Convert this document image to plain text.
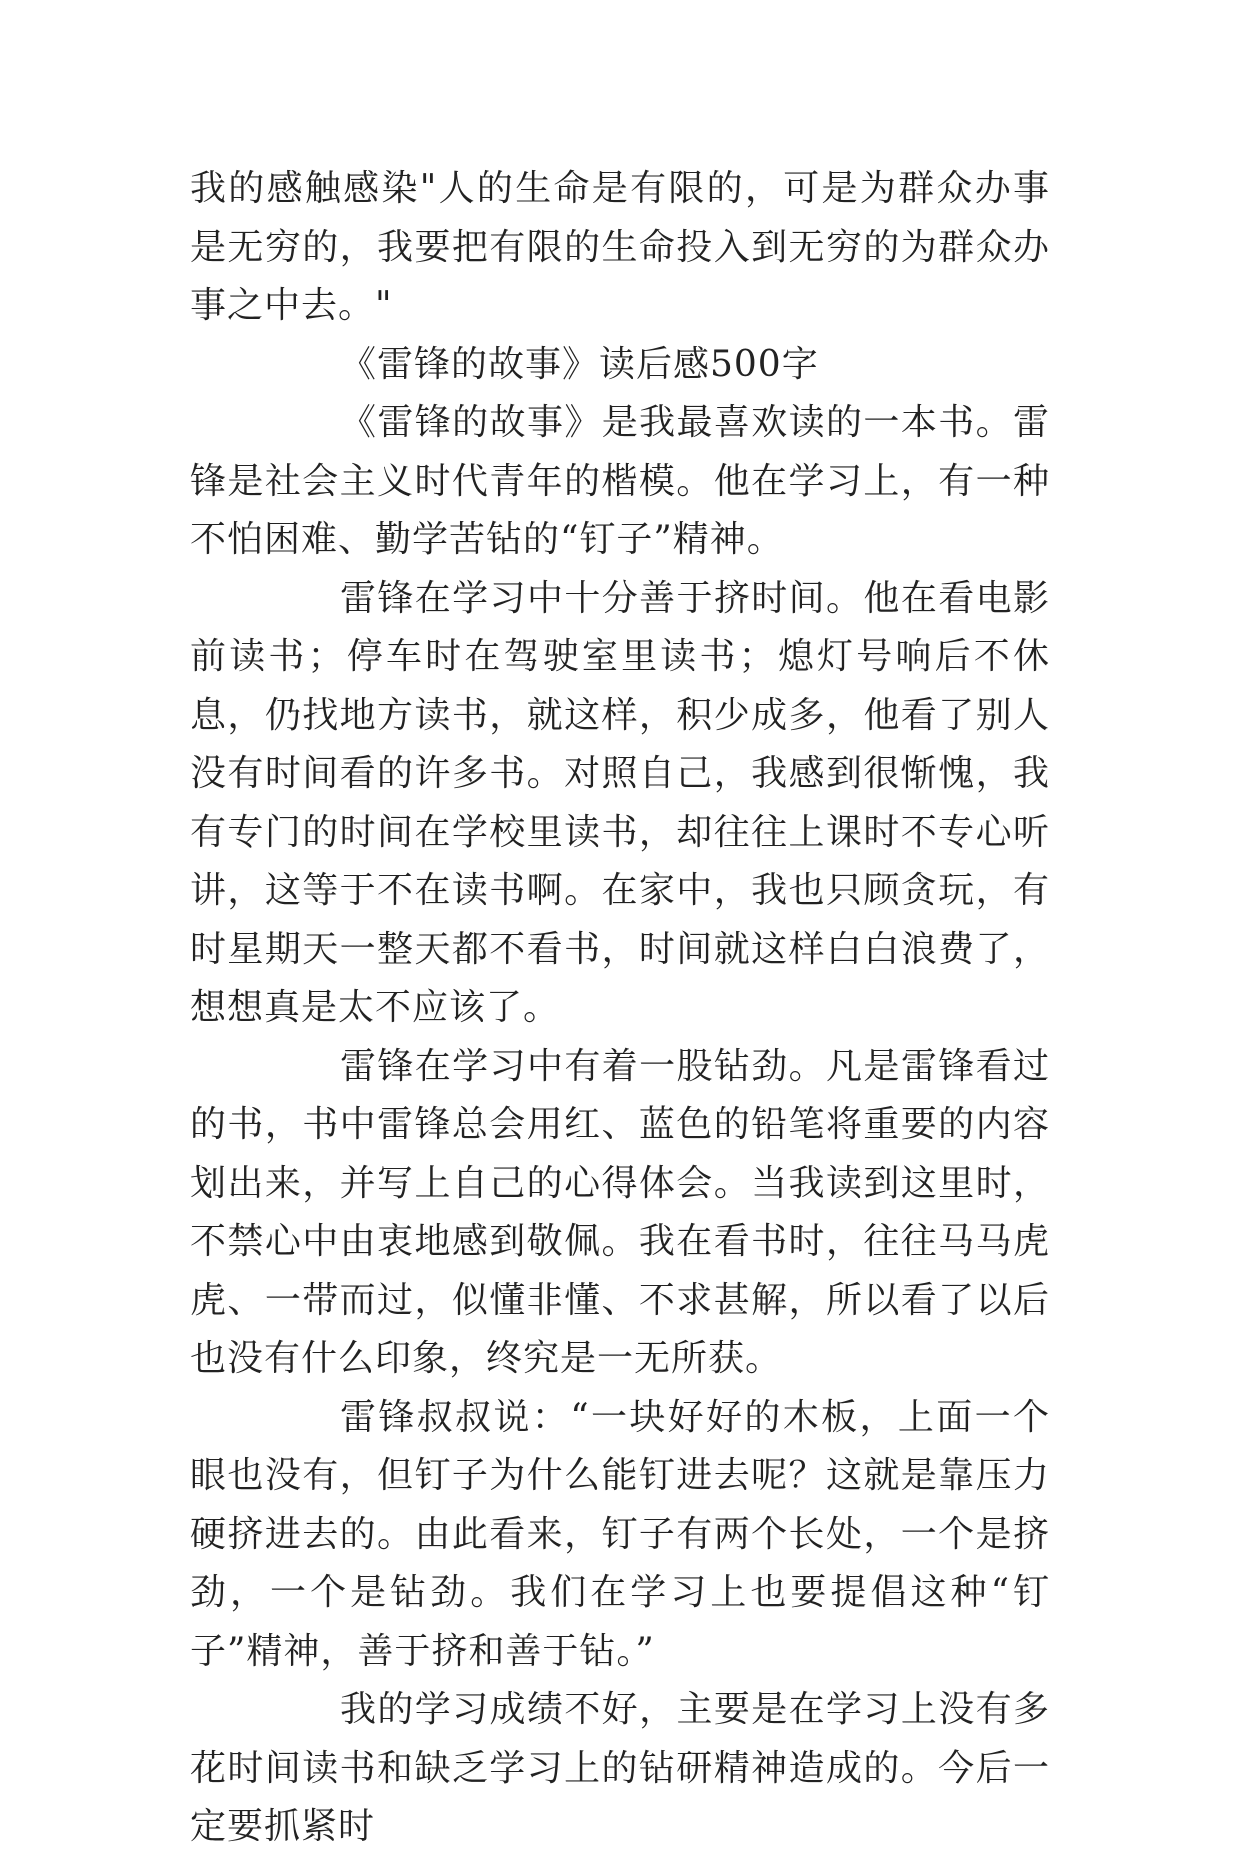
我的感触感染"人的生命是有限的，可是为群众办事是无穷的，我要把有限的生命投入到无穷的为群众办事之中去。"

《雷锋的故事》读后感500字

《雷锋的故事》是我最喜欢读的一本书。雷锋是社会主义时代青年的楷模。他在学习上，有一种不怕困难、勤学苦钻的“钉子”精神。

雷锋在学习中十分善于挤时间。他在看电影前读书；停车时在驾驶室里读书；熄灯号响后不休息，仍找地方读书，就这样，积少成多，他看了别人没有时间看的许多书。对照自己，我感到很惭愧，我有专门的时间在学校里读书，却往往上课时不专心听讲，这等于不在读书啊。在家中，我也只顾贪玩，有时星期天一整天都不看书，时间就这样白白浪费了，想想真是太不应该了。

雷锋在学习中有着一股钻劲。凡是雷锋看过的书，书中雷锋总会用红、蓝色的铅笔将重要的内容划出来，并写上自己的心得体会。当我读到这里时，不禁心中由衷地感到敬佩。我在看书时，往往马马虎虎、一带而过，似懂非懂、不求甚解，所以看了以后也没有什么印象，终究是一无所获。

雷锋叔叔说：“一块好好的木板，上面一个眼也没有，但钉子为什么能钉进去呢？这就是靠压力硬挤进去的。由此看来，钉子有两个长处，一个是挤劲，一个是钻劲。我们在学习上也要提倡这种“钉子”精神，善于挤和善于钻。”

我的学习成绩不好，主要是在学习上没有多花时间读书和缺乏学习上的钻研精神造成的。今后一定要抓紧时
